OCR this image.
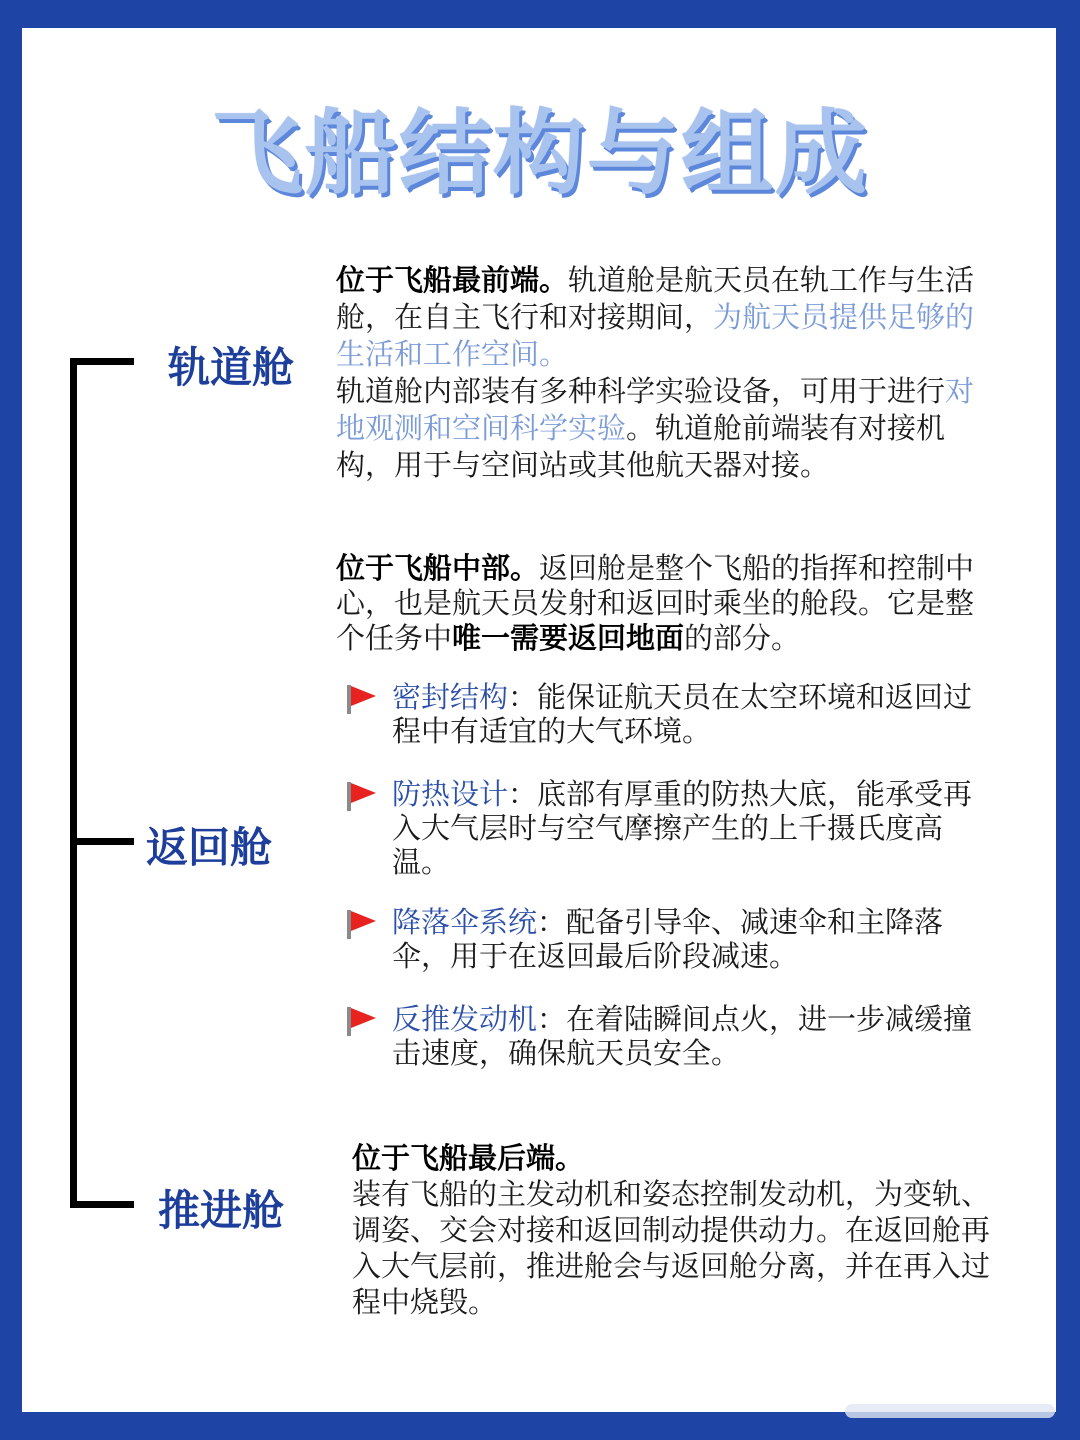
飞船结构与组成
轨道舱

位于飞船最前端。轨道舱是航天员在轨工作与生活舱，在自主飞行和对接期间，为航天员提供足够的生活和工作空间。

轨道舱内部装有多种科学实验设备，可用于进行对地观测和空间科学实验。轨道舱前端装有对接机构，用于与空间站或其他航天器对接。

返回舱

位于飞船中部。返回舱是整个飞船的指挥和控制中心，也是航天员发射和返回时乘坐的舱段。它是整个任务中唯一需要返回地面的部分。

密封结构：能保证航天员在太空环境和返回过程中有适宜的大气环境。
防热设计：底部有厚重的防热大底，能承受再入大气层时与空气摩擦产生的上千摄氏度高温。
降落伞系统：配备引导伞、减速伞和主降落伞，用于在返回最后阶段减速。
反推发动机：在着陆瞬间点火，进一步减缓撞击速度，确保航天员安全。
推进舱

位于飞船最后端。

装有飞船的主发动机和姿态控制发动机，为变轨、调姿、交会对接和返回制动提供动力。在返回舱再入大气层前，推进舱会与返回舱分离，并在再入过程中烧毁。
